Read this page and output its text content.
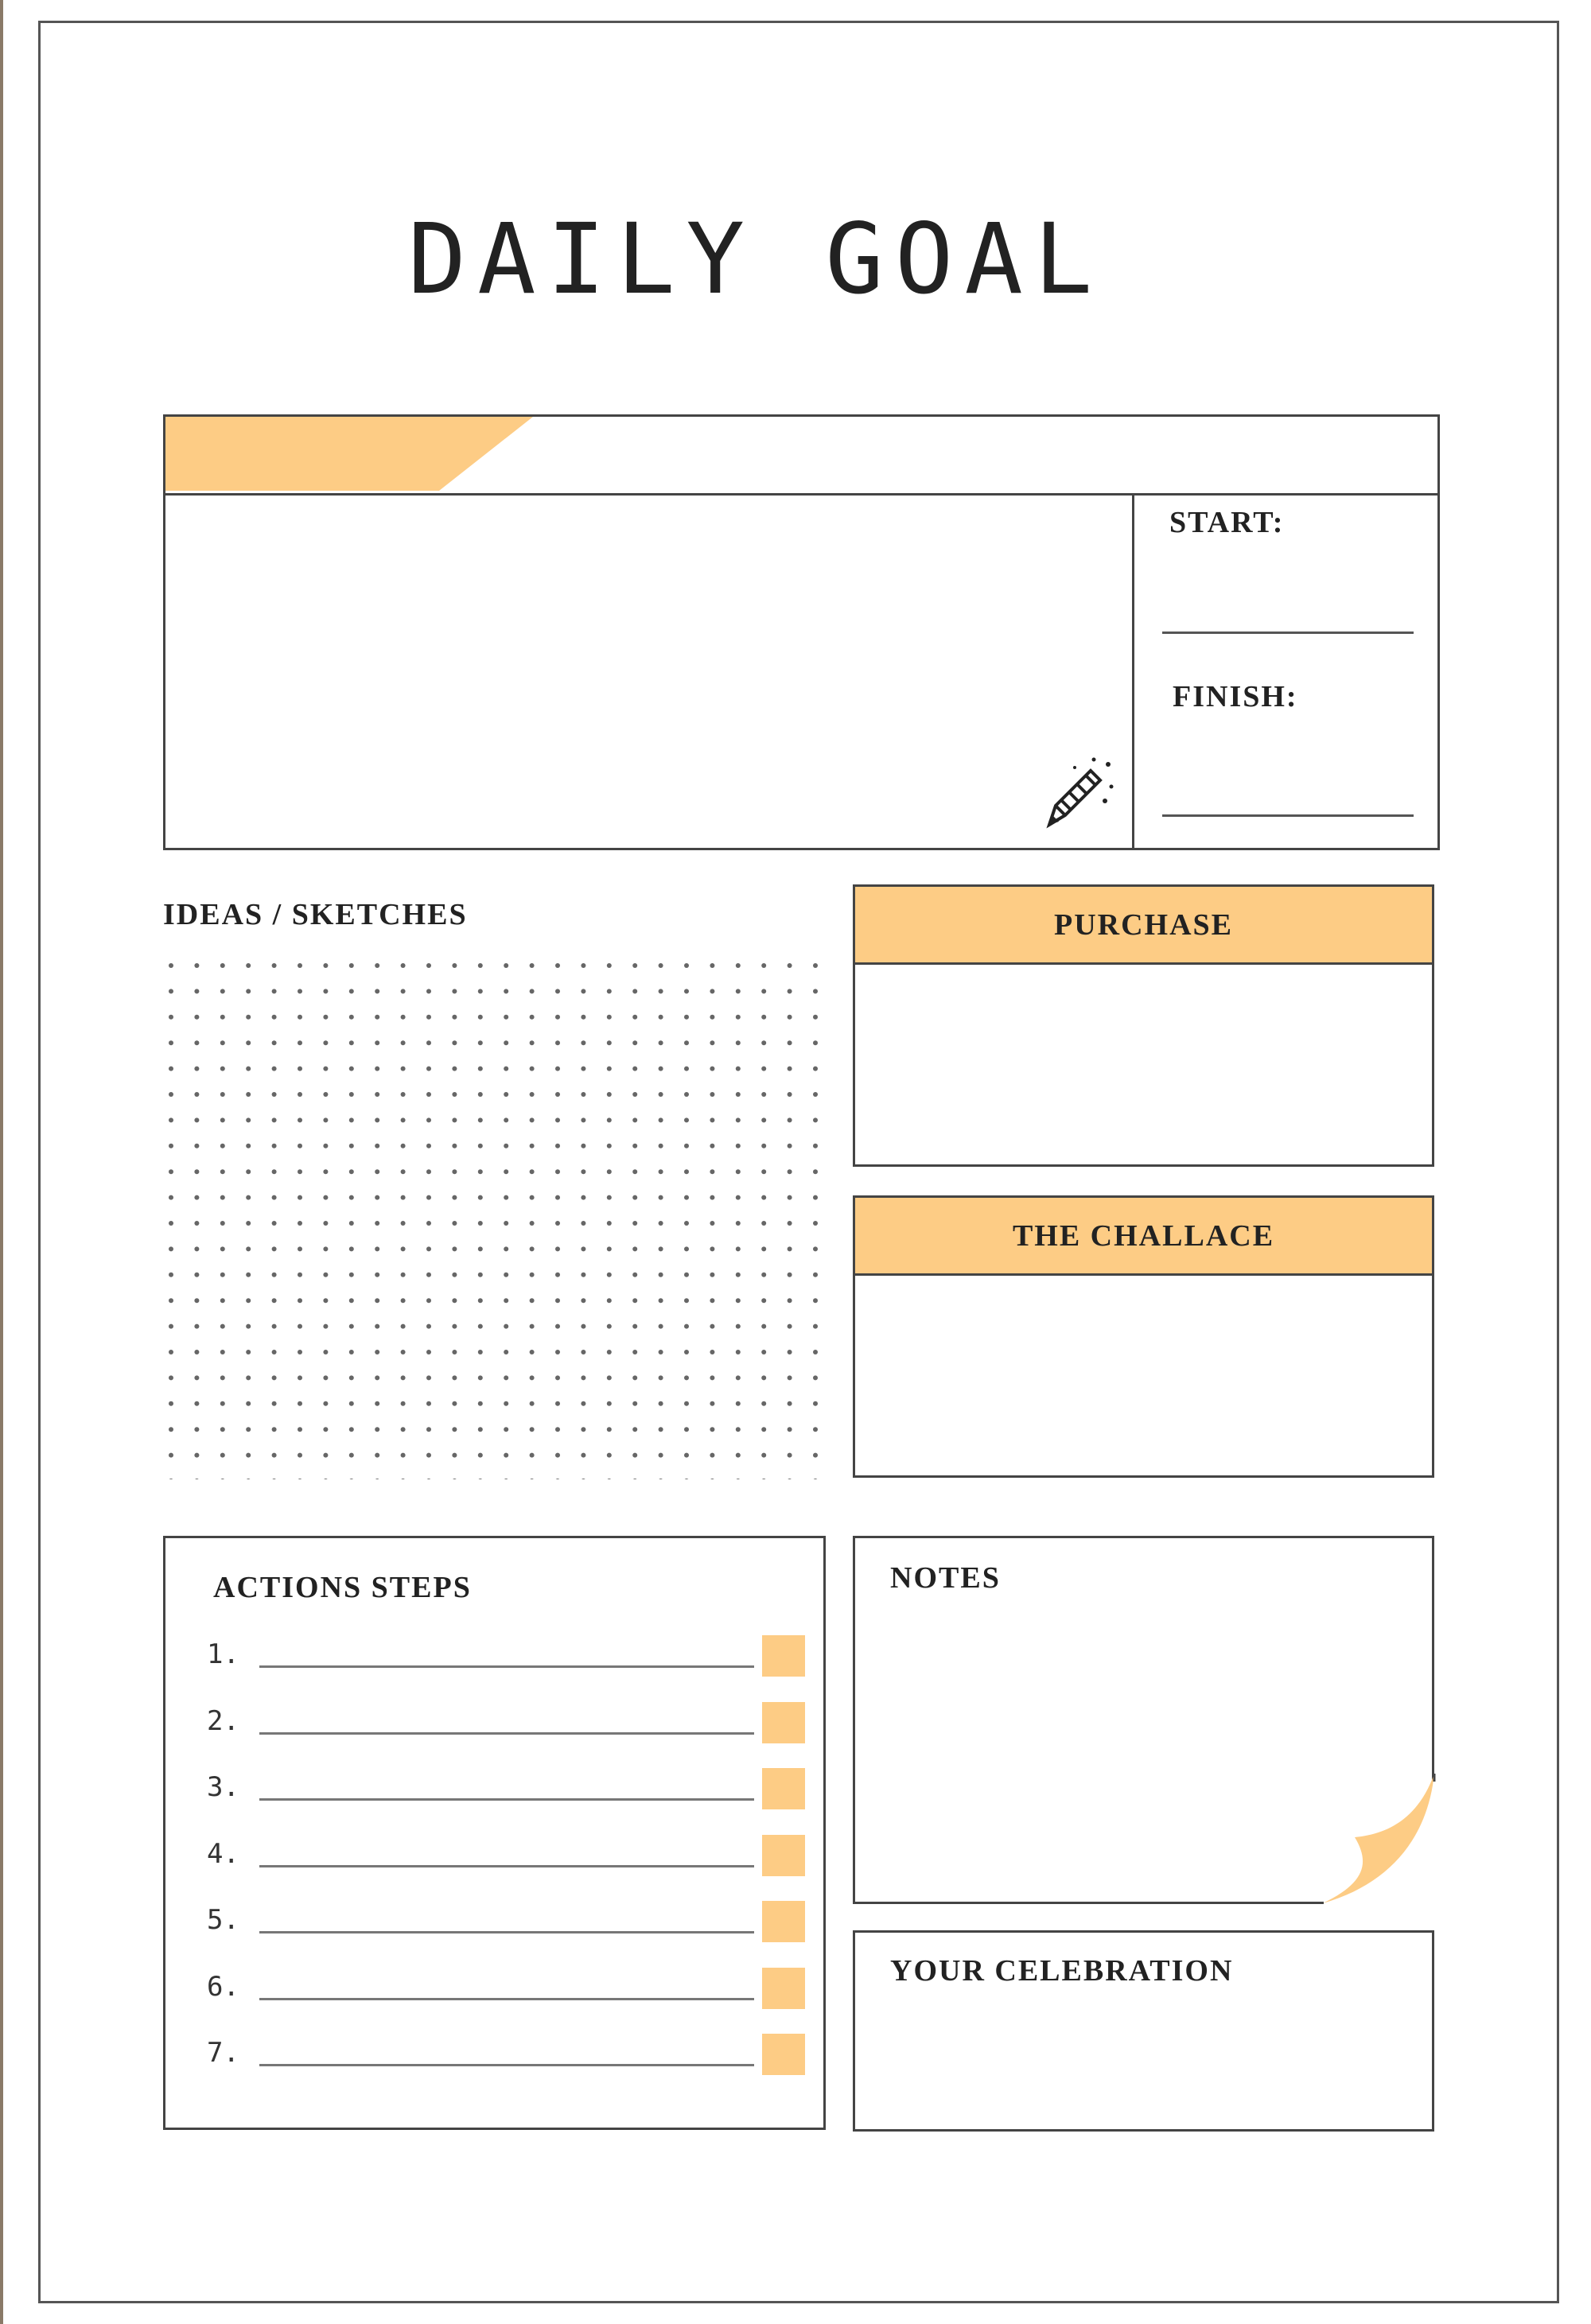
DAILY GOAL
START:
FINISH:
IDEAS / SKETCHES	PURCHASE
THE CHALLACE
ACTIONS STEPS
1.
2.
3.
4.
5.
6.
7.
NOTES
YOUR CELEBRATION
